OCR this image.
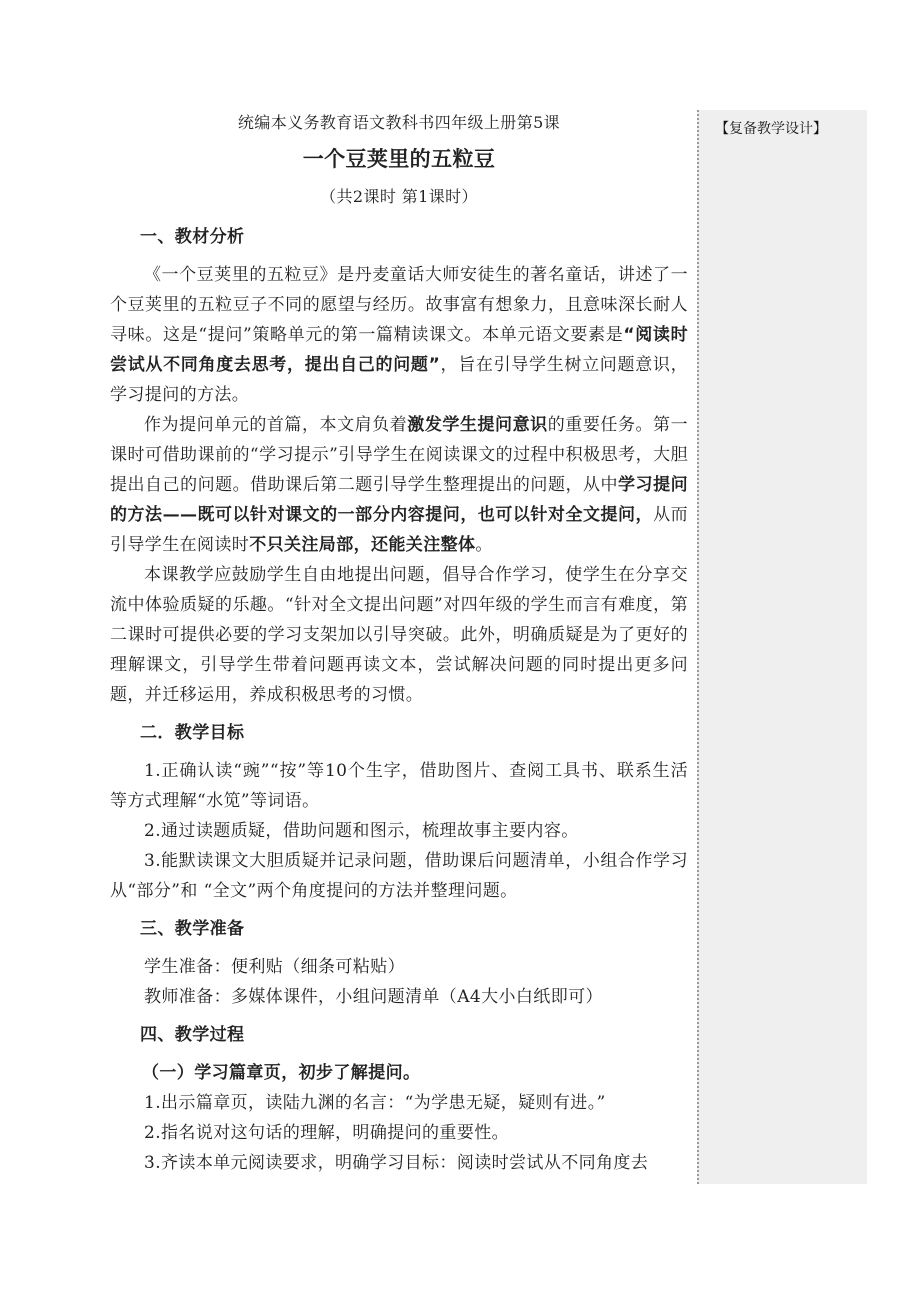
统编本义务教育语文教科书四年级上册第5课
一个豆荚里的五粒豆
（共2课时 第1课时）
一、教材分析

《一个豆荚里的五粒豆》是丹麦童话大师安徒生的著名童话，讲述了一个豆荚里的五粒豆子不同的愿望与经历。故事富有想象力，且意味深长耐人寻味。这是“提问”策略单元的第一篇精读课文。本单元语文要素是“阅读时尝试从不同角度去思考，提出自己的问题”，旨在引导学生树立问题意识，学习提问的方法。

作为提问单元的首篇，本文肩负着激发学生提问意识的重要任务。第一课时可借助课前的“学习提示”引导学生在阅读课文的过程中积极思考，大胆提出自己的问题。借助课后第二题引导学生整理提出的问题，从中学习提问的方法——既可以针对课文的一部分内容提问，也可以针对全文提问，从而引导学生在阅读时不只关注局部，还能关注整体。

本课教学应鼓励学生自由地提出问题，倡导合作学习，使学生在分享交流中体验质疑的乐趣。“针对全文提出问题”对四年级的学生而言有难度，第二课时可提供必要的学习支架加以引导突破。此外，明确质疑是为了更好的理解课文，引导学生带着问题再读文本，尝试解决问题的同时提出更多问题，并迁移运用，养成积极思考的习惯。

二．教学目标

1.正确认读“豌”“按”等10个生字，借助图片、查阅工具书、联系生活等方式理解“水笕”等词语。

2.通过读题质疑，借助问题和图示，梳理故事主要内容。

3.能默读课文大胆质疑并记录问题，借助课后问题清单，小组合作学习从“部分”和 “全文”两个角度提问的方法并整理问题。

三、教学准备

学生准备：便利贴（细条可粘贴）

教师准备：多媒体课件，小组问题清单（A4大小白纸即可）

四、教学过程

（一）学习篇章页，初步了解提问。

1.出示篇章页，读陆九渊的名言：“为学患无疑，疑则有进。”

2.指名说对这句话的理解，明确提问的重要性。

3.齐读本单元阅读要求，明确学习目标：阅读时尝试从不同角度去

【复备教学设计】
